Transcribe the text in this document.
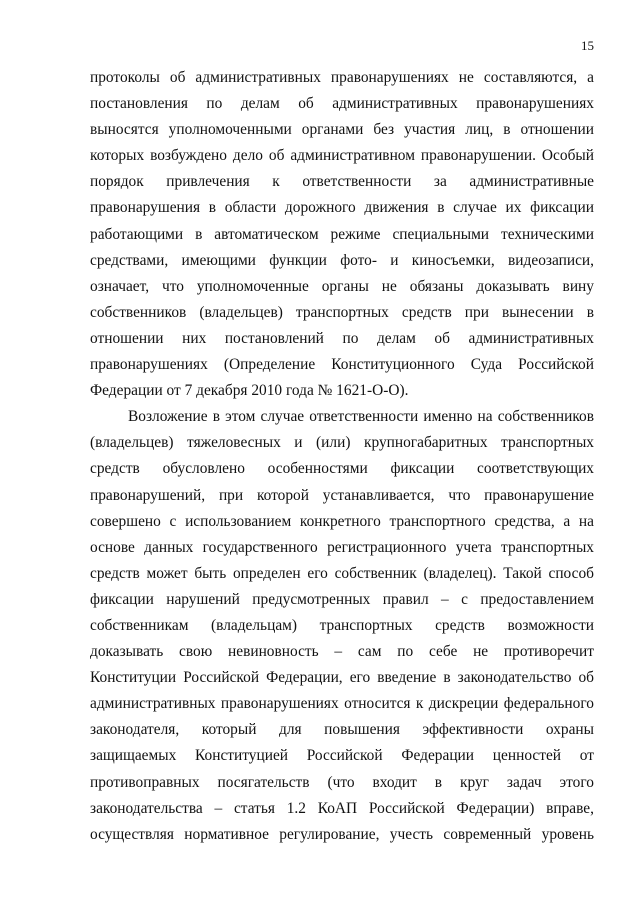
15
протоколы об административных правонарушениях не составляются, а
постановления по делам об административных правонарушениях
выносятся уполномоченными органами без участия лиц, в отношении
которых возбуждено дело об административном правонарушении. Особый
порядок привлечения к ответственности за административные
правонарушения в области дорожного движения в случае их фиксации
работающими в автоматическом режиме специальными техническими
средствами, имеющими функции фото- и киносъемки, видеозаписи,
означает, что уполномоченные органы не обязаны доказывать вину
собственников (владельцев) транспортных средств при вынесении в
отношении них постановлений по делам об административных
правонарушениях (Определение Конституционного Суда Российской
Федерации от 7 декабря 2010 года № 1621-О-О).
Возложение в этом случае ответственности именно на собственников
(владельцев) тяжеловесных и (или) крупногабаритных транспортных
средств обусловлено особенностями фиксации соответствующих
правонарушений, при которой устанавливается, что правонарушение
совершено с использованием конкретного транспортного средства, а на
основе данных государственного регистрационного учета транспортных
средств может быть определен его собственник (владелец). Такой способ
фиксации нарушений предусмотренных правил – с предоставлением
собственникам (владельцам) транспортных средств возможности
доказывать свою невиновность – сам по себе не противоречит
Конституции Российской Федерации, его введение в законодательство об
административных правонарушениях относится к дискреции федерального
законодателя, который для повышения эффективности охраны
защищаемых Конституцией Российской Федерации ценностей от
противоправных посягательств (что входит в круг задач этого
законодательства – статья 1.2 КоАП Российской Федерации) вправе,
осуществляя нормативное регулирование, учесть современный уровень
